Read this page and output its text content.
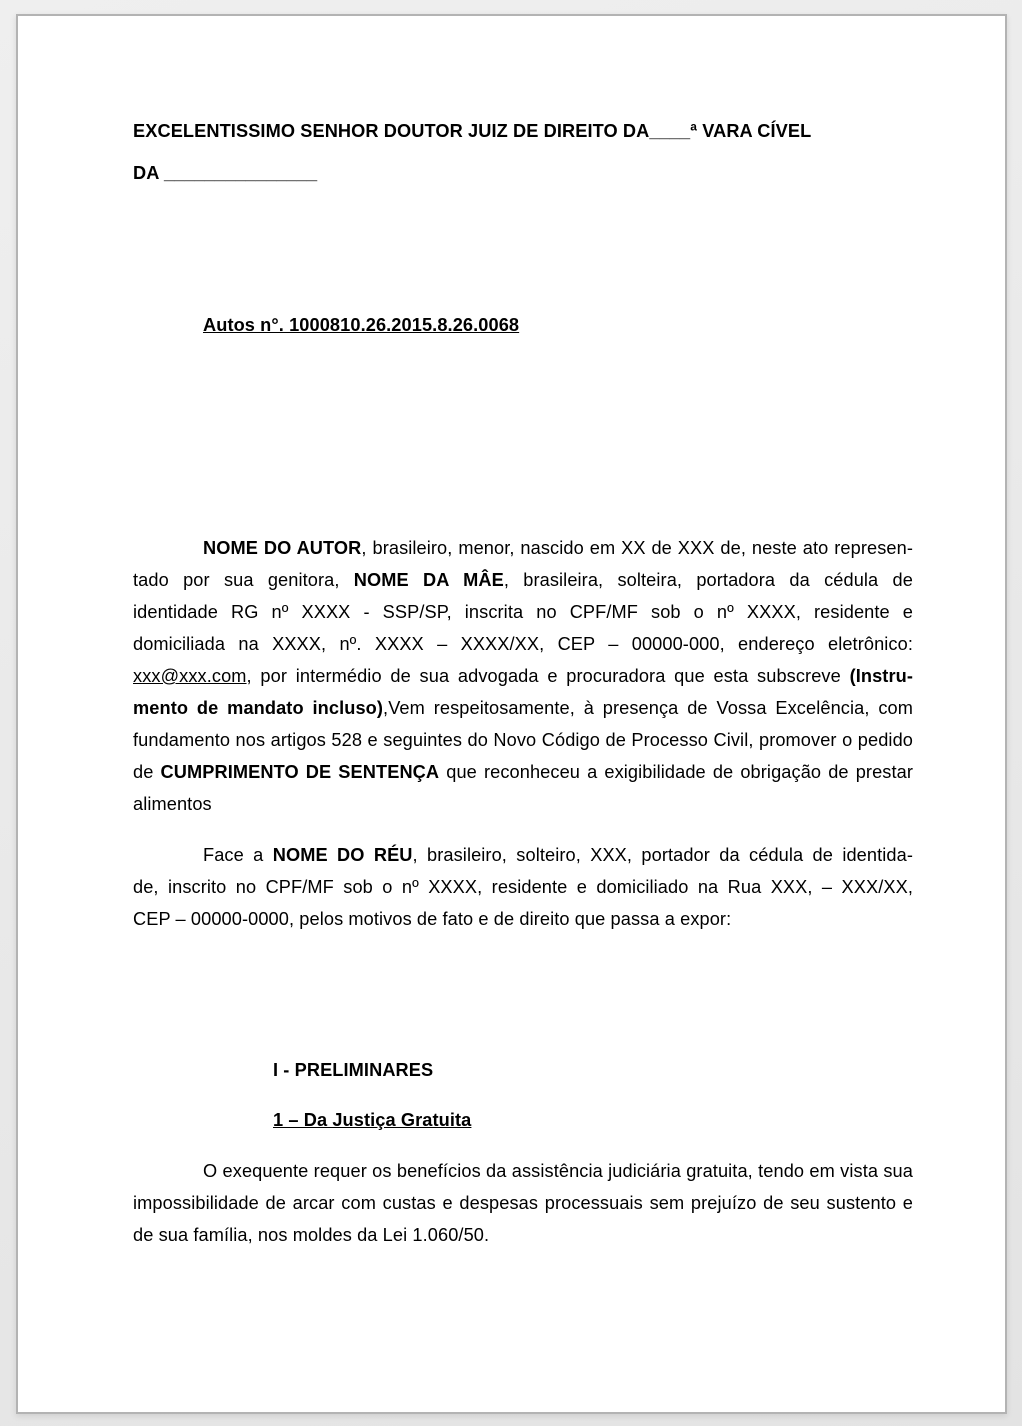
EXCELENTISSIMO SENHOR DOUTOR JUIZ DE DIREITO DA____ª VARA CÍVEL
DA _______________
Autos n°. 1000810.26.2015.8.26.0068
NOME DO AUTOR, brasileiro, menor, nascido em XX de XXX de, neste ato represen-
tado por sua genitora, NOME DA MÂE, brasileira, solteira, portadora da cédula de
identidade RG nº XXXX - SSP/SP, inscrita no CPF/MF sob o nº XXXX, residente e
domiciliada na XXXX, nº. XXXX – XXXX/XX, CEP – 00000-000, endereço eletrônico:
xxx@xxx.com, por intermédio de sua advogada e procuradora que esta subscreve (Instru-
mento de mandato incluso),Vem respeitosamente, à presença de Vossa Excelência, com
fundamento nos artigos 528 e seguintes do Novo Código de Processo Civil, promover o pedido
de CUMPRIMENTO DE SENTENÇA que reconheceu a exigibilidade de obrigação de prestar
alimentos
Face a NOME DO RÉU, brasileiro, solteiro, XXX, portador da cédula de identida-
de, inscrito no CPF/MF sob o nº XXXX, residente e domiciliado na Rua XXX, – XXX/XX,
CEP – 00000-0000, pelos motivos de fato e de direito que passa a expor:
I - PRELIMINARES
1 – Da Justiça Gratuita
O exequente requer os benefícios da assistência judiciária gratuita, tendo em vista sua
impossibilidade de arcar com custas e despesas processuais sem prejuízo de seu sustento e
de sua família, nos moldes da Lei 1.060/50.
